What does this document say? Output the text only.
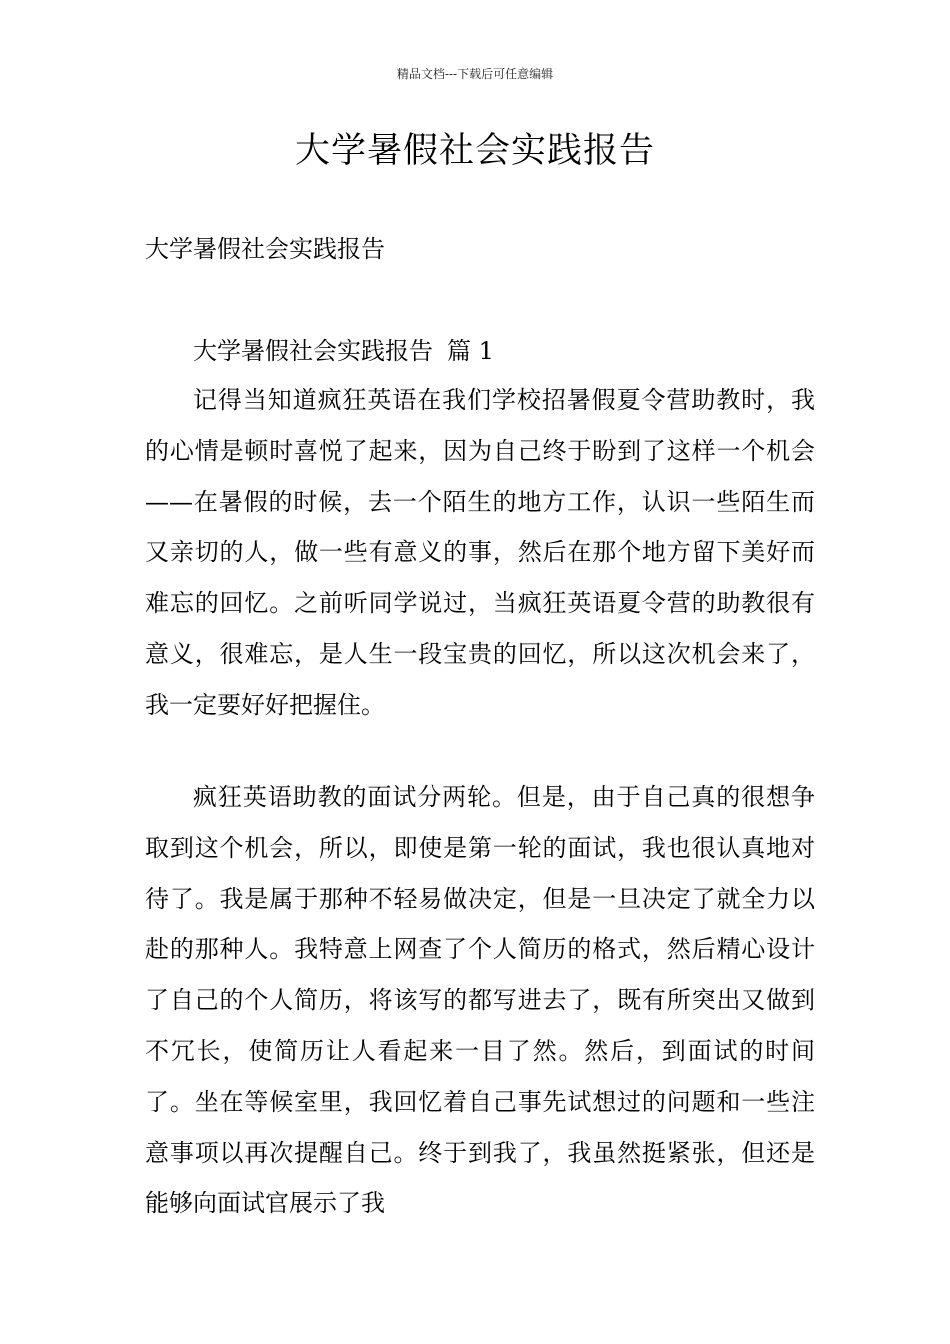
精品文档---下载后可任意编辑
大学暑假社会实践报告

大学暑假社会实践报告

大学暑假社会实践报告 篇 1

记得当知道疯狂英语在我们学校招暑假夏令营助教时，我的心情是顿时喜悦了起来，因为自己终于盼到了这样一个机会——在暑假的时候，去一个陌生的地方工作，认识一些陌生而又亲切的人，做一些有意义的事，然后在那个地方留下美好而难忘的回忆。之前听同学说过，当疯狂英语夏令营的助教很有意义，很难忘，是人生一段宝贵的回忆，所以这次机会来了，我一定要好好把握住。

疯狂英语助教的面试分两轮。但是，由于自己真的很想争取到这个机会，所以，即使是第一轮的面试，我也很认真地对待了。我是属于那种不轻易做决定，但是一旦决定了就全力以赴的那种人。我特意上网查了个人简历的格式，然后精心设计了自己的个人简历，将该写的都写进去了，既有所突出又做到不冗长，使简历让人看起来一目了然。然后，到面试的时间了。坐在等候室里，我回忆着自己事先试想过的问题和一些注意事项以再次提醒自己。终于到我了，我虽然挺紧张，但还是能够向面试官展示了我
